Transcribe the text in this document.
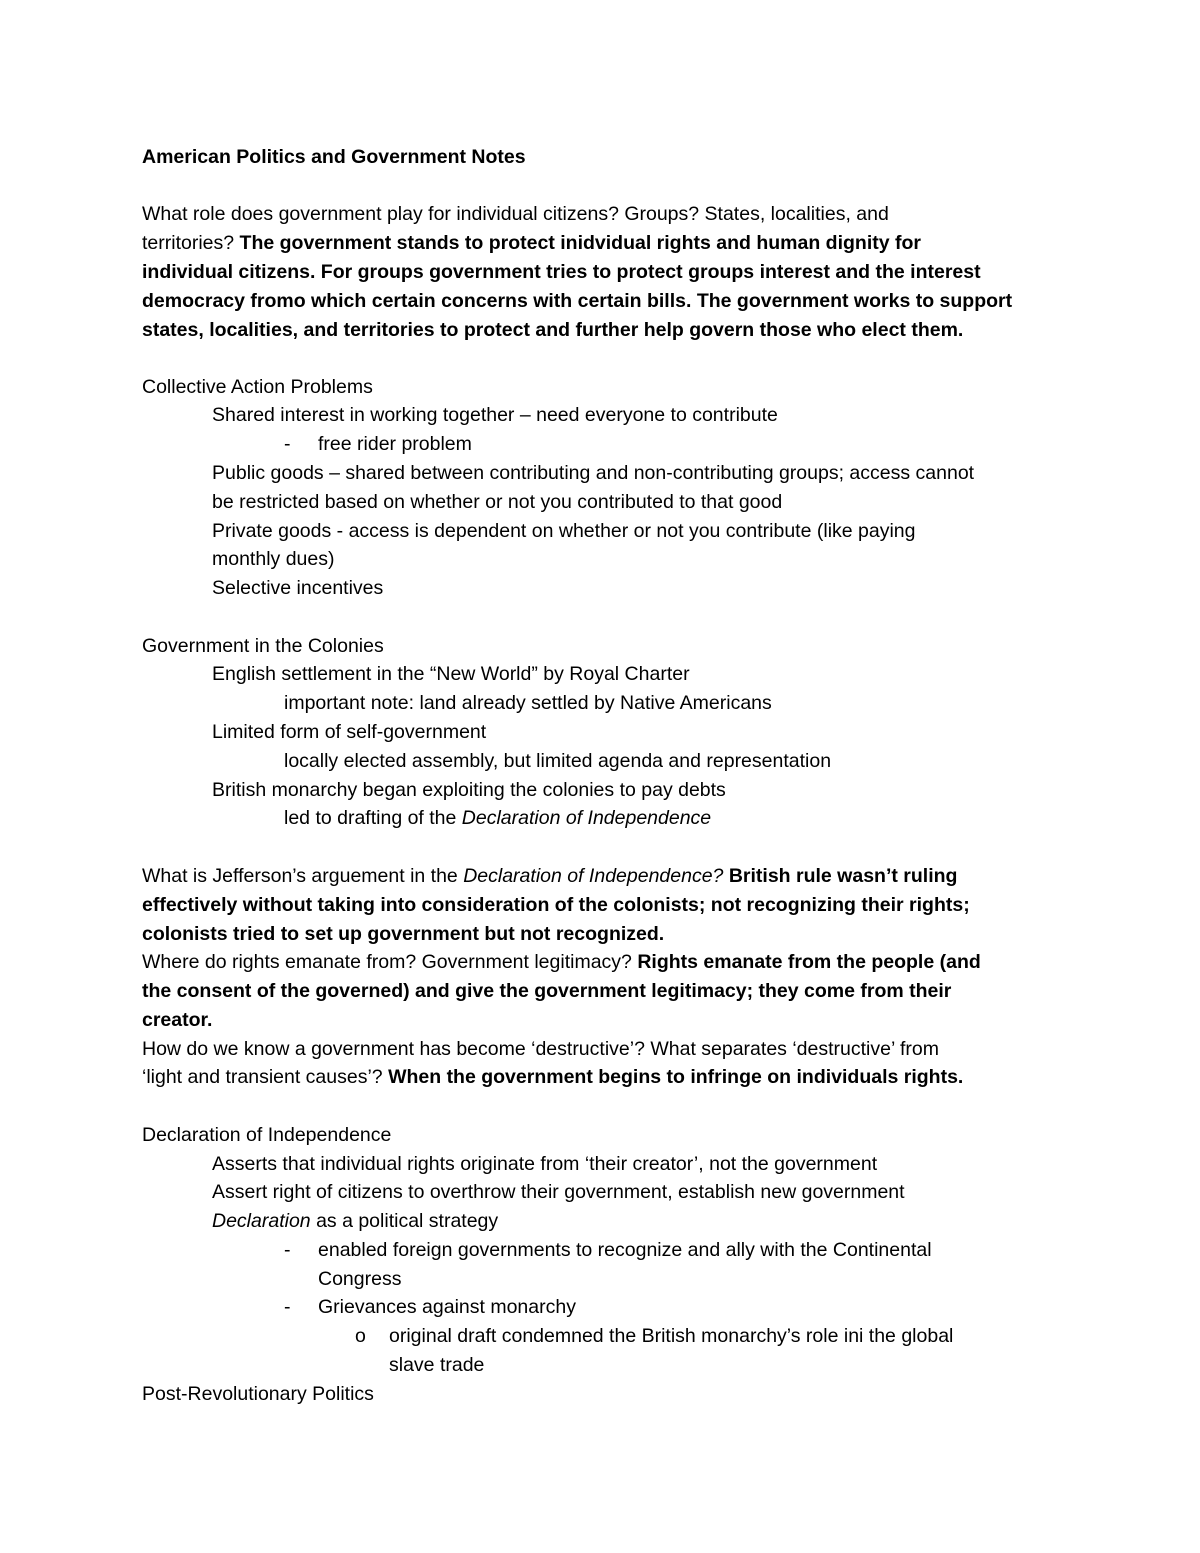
American Politics and Government Notes
What role does government play for individual citizens? Groups? States, localities, and
territories? The government stands to protect inidvidual rights and human dignity for
individual citizens. For groups government tries to protect groups interest and the interest
democracy fromo which certain concerns with certain bills. The government works to support
states, localities, and territories to protect and further help govern those who elect them.
Collective Action Problems
Shared interest in working together – need everyone to contribute
- free rider problem
Public goods – shared between contributing and non-contributing groups; access cannot
be restricted based on whether or not you contributed to that good
Private goods - access is dependent on whether or not you contribute (like paying
monthly dues)
Selective incentives
Government in the Colonies
English settlement in the “New World” by Royal Charter
important note: land already settled by Native Americans
Limited form of self-government
locally elected assembly, but limited agenda and representation
British monarchy began exploiting the colonies to pay debts
led to drafting of the Declaration of Independence
What is Jefferson’s arguement in the Declaration of Independence? British rule wasn’t ruling
effectively without taking into consideration of the colonists; not recognizing their rights;
colonists tried to set up government but not recognized.
Where do rights emanate from? Government legitimacy? Rights emanate from the people (and
the consent of the governed) and give the government legitimacy; they come from their
creator.
How do we know a government has become ‘destructive’? What separates ‘destructive’ from
‘light and transient causes’? When the government begins to infringe on individuals rights.
Declaration of Independence
Asserts that individual rights originate from ‘their creator’, not the government
Assert right of citizens to overthrow their government, establish new government
Declaration as a political strategy
- enabled foreign governments to recognize and ally with the Continental
Congress
- Grievances against monarchy
o original draft condemned the British monarchy’s role ini the global
slave trade
Post-Revolutionary Politics
